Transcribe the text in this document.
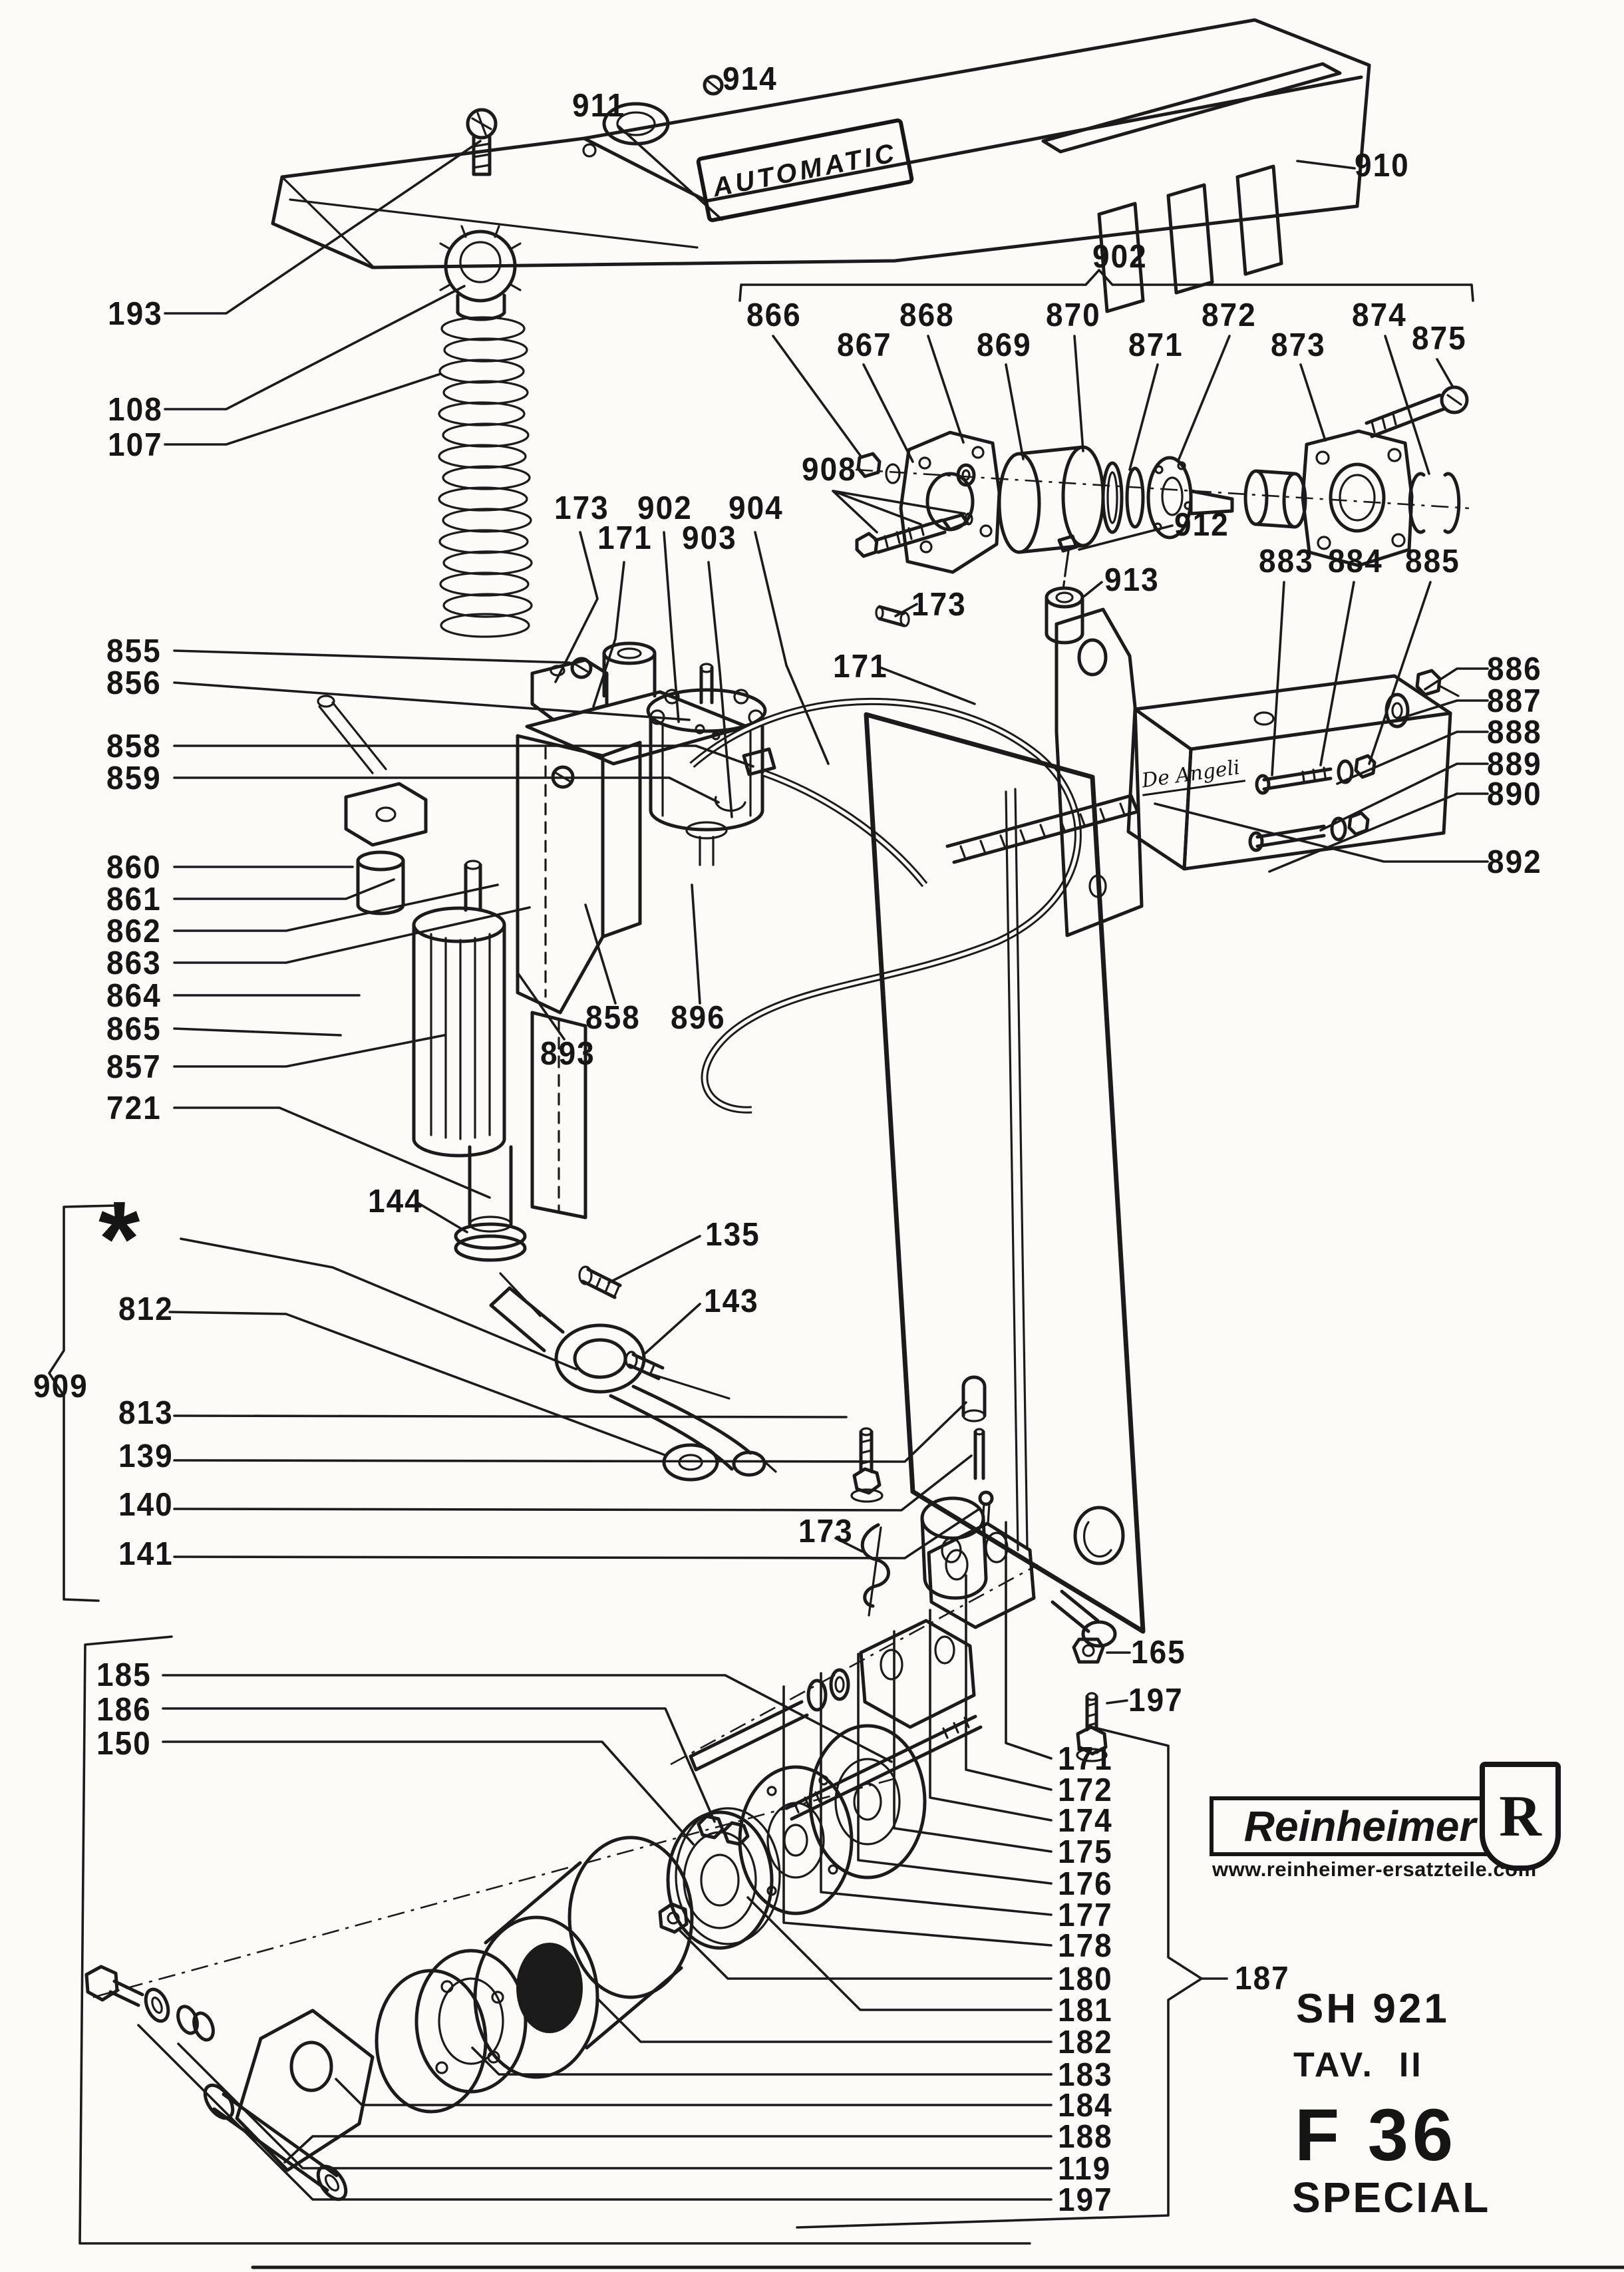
193
108
107
911
914
910
902
866
867
868
869
870
871
872
873
874
875
908
173
171
902
903
904	912
913
173
171
883 884 885
855
856
858
859
886
887
888
889
890
892
860
861
862
863
864
865
857
721
858 896
893
144
135
143
812
909
813
139
140
141
173
165
197
185
186
150	171
172
174
175
176
177
178
180
181
182
183
184
188
119
197
187
AUTOMATIC
*
De Angeli
Reinheimer R
www.reinheimer-ersatzteile.com
SH 921
TAV.  II
F 36
SPECIAL
